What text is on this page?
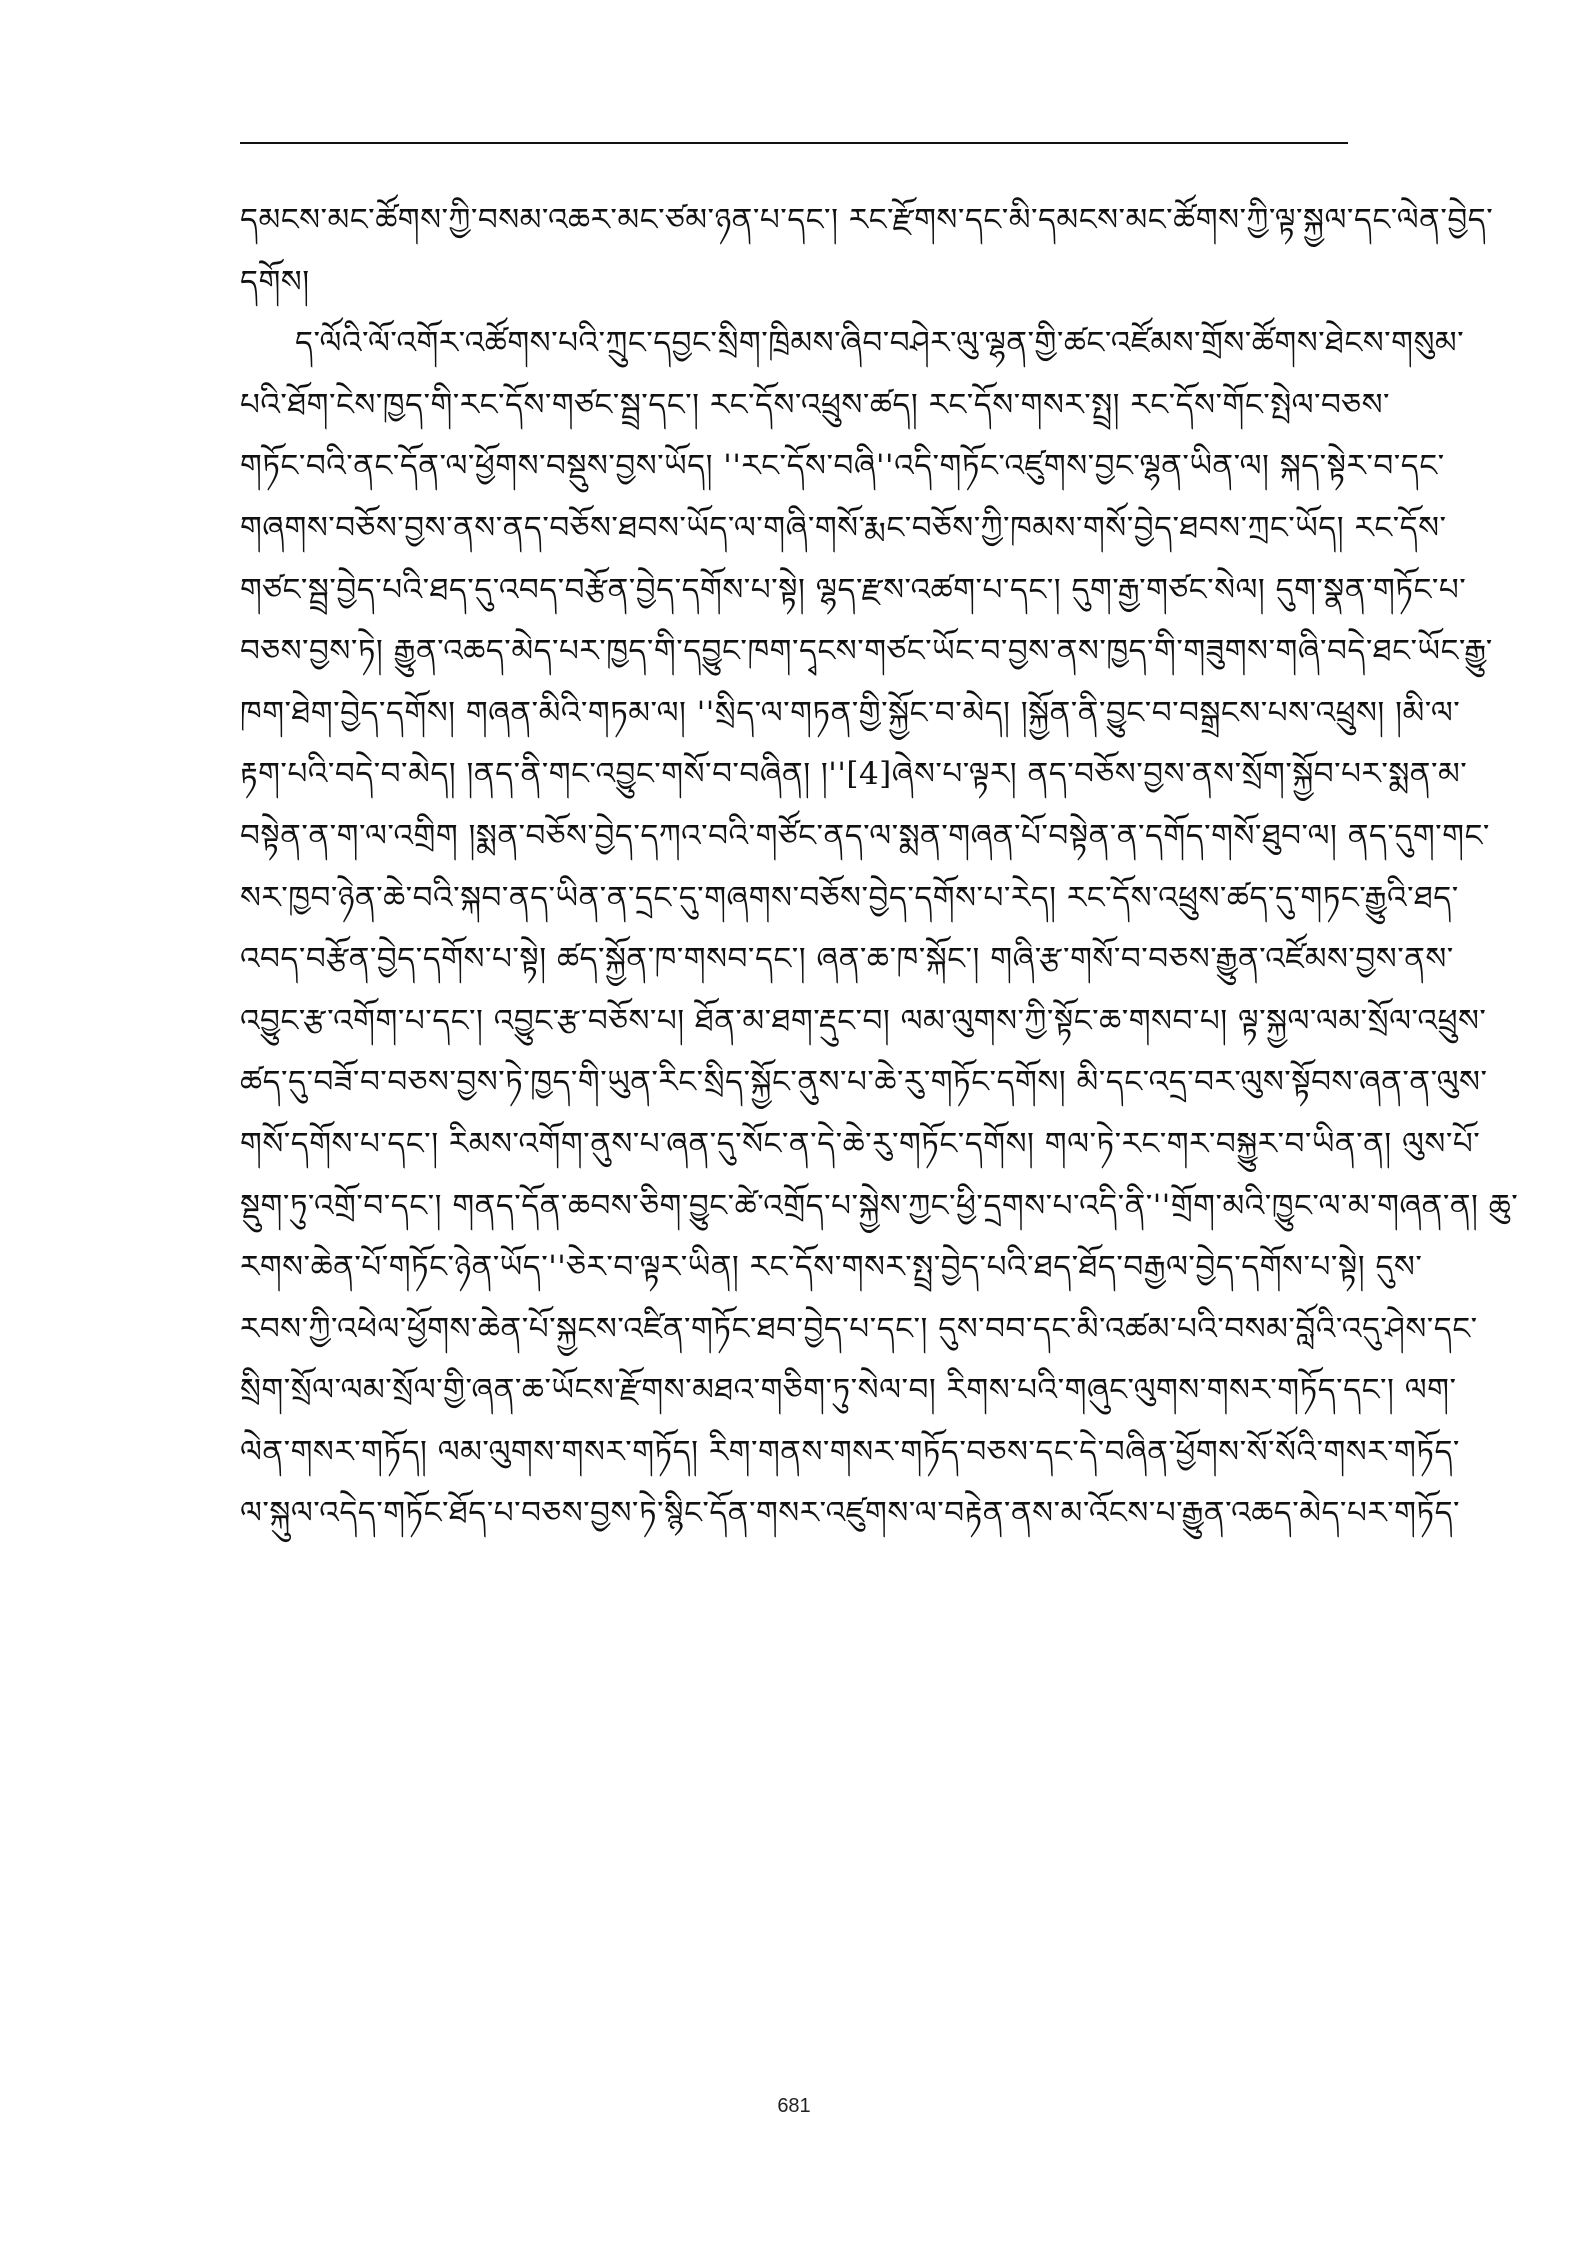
དམངས་མང་ཚོགས་ཀྱི་བསམ་འཆར་མང་ཙམ་ཉན་པ་དང་། རང་རྫོགས་དང་མི་དམངས་མང་ཚོགས་ཀྱི་ལྟ་སྐྱལ་དང་ལེན་བྱེད་
དགོས།
ད་ལོའི་ལོ་འགོར་འཚོགས་པའི་ཀྲུང་དབྱང་སྲིག་ཁྲིམས་ཞིབ་བཤེར་ལུ་ལྷན་གྱི་ཚང་འཛོམས་གྲོས་ཚོགས་ཐེངས་གསུམ་
པའི་ཐོག་ངེས་ཁྱད་གི་རང་དོས་གཙང་སྦྲ་དང་། རང་དོས་འཕྲུས་ཚད། རང་དོས་གསར་སྤྲ། རང་དོས་གོང་སྤེལ་བཅས་
གཏོང་བའི་ནང་དོན་ལ་ཕྱོགས་བསྡུས་བྱས་ཡོད། ''རང་དོས་བཞི''འདི་གཏོང་འཛུགས་བྱང་ལྷན་ཡིན་ལ། སྐད་སྟེར་བ་དང་
གཞགས་བཅོས་བྱས་ནས་ནད་བཅོས་ཐབས་ཡོད་ལ་གཞི་གསོ་རྨང་བཅོས་ཀྱི་ཁམས་གསོ་བྱེད་ཐབས་ཀྲང་ཡོད། རང་དོས་
གཙང་སྦྲ་བྱེད་པའི་ཐད་དུ་འབད་བརྩོན་བྱེད་དགོས་པ་སྟེ། ལྷད་རྫས་འཚག་པ་དང་། དུག་རྒྱ་གཙང་སེལ། དུག་སྣན་གཏོང་པ་
བཅས་བྱས་ཏེ། རྒྱུན་འཆད་མེད་པར་ཁྱད་གི་དབྱུང་ཁག་དྭངས་གཙང་ཡོང་བ་བྱས་ནས་ཁྱད་གི་གཟུགས་གཞི་བདེ་ཐང་ཡོང་རྒྱུ་
ཁག་ཐེག་བྱེད་དགོས། གཞན་མིའི་གཏམ་ལ། ''སྲིད་ལ་གཏན་གྱི་སྐྱོང་བ་མེད། །སྐྱོན་ནི་བྱུང་བ་བསྒྲངས་པས་འཕྲུས། །མི་ལ་
རྟག་པའི་བདེ་བ་མེད། །ནད་ནི་གང་འབྱུང་གསོ་བ་བཞིན། །''[4]ཞེས་པ་ལྟར། ནད་བཅོས་བྱས་ནས་སྲོག་སྐྱོབ་པར་སྨན་མ་
བསྟེན་ན་ག་ལ་འགྲིག །སྨན་བཅོས་བྱེད་དཀའ་བའི་གཙོང་ནད་ལ་སྨན་གཞན་པོ་བསྟེན་ན་དགོད་གསོ་ཐུབ་ལ། ནད་དུག་གང་
སར་ཁྱབ་ཉེན་ཆེ་བའི་སྐབ་ནད་ཡིན་ན་དྲང་དུ་གཞགས་བཅོས་བྱེད་དགོས་པ་རེད། རང་དོས་འཕྲུས་ཚད་དུ་གཏང་རྒྱུའི་ཐད་
འབད་བརྩོན་བྱེད་དགོས་པ་སྟེ། ཚད་སྐྱོན་ཁ་གསབ་དང་། ཞན་ཆ་ཁ་སྐོང་། གཞི་རྩ་གསོ་བ་བཅས་རྒྱུན་འཛོམས་བྱས་ནས་
འབྱུང་རྩ་འགོག་པ་དང་། འབྱུང་རྩ་བཅོས་པ། ཐོན་མ་ཐག་རྡུང་བ། ལམ་ལུགས་ཀྱི་སྟོང་ཆ་གསབ་པ། ལྟ་སྐྱལ་ལམ་སྲོལ་འཕྲུས་
ཚད་དུ་བཟོ་བ་བཅས་བྱས་ཏེ་ཁྱད་གི་ཡུན་རིང་སྲིད་སྐྱོང་ནུས་པ་ཆེ་རུ་གཏོང་དགོས། མི་དང་འདྲ་བར་ལུས་སྟོབས་ཞན་ན་ལུས་
གསོ་དགོས་པ་དང་། རིམས་འགོག་ནུས་པ་ཞན་དུ་སོང་ན་དེ་ཆེ་རུ་གཏོང་དགོས། གལ་ཏེ་རང་གར་བསྐྱུར་བ་ཡིན་ན། ལུས་པོ་
སྡུག་ཏུ་འགྲོ་བ་དང་། གནད་དོན་ཆབས་ཅིག་བྱུང་ཚེ་འགྲོད་པ་སྐྱེས་ཀྱང་ཕྱི་དྲགས་པ་འདི་ནི་''གྲོག་མའི་ཁྱུང་ལ་མ་གཞན་ན། ཆུ་
རགས་ཆེན་པོ་གཏོང་ཉེན་ཡོད་''ཅེར་བ་ལྟར་ཡིན། རང་དོས་གསར་སྤྲ་བྱེད་པའི་ཐད་ཐོད་བརྒྱལ་བྱེད་དགོས་པ་སྟེ། དུས་
རབས་ཀྱི་འཕེལ་ཕྱོགས་ཆེན་པོ་སྐྱངས་འཛིན་གཏོང་ཐབ་བྱེད་པ་དང་། དུས་བབ་དང་མི་འཚམ་པའི་བསམ་བློའི་འདུ་ཤེས་དང་
སྲིག་སྲོལ་ལམ་སྲོལ་གྱི་ཞན་ཆ་ཡོངས་རྫོགས་མཐའ་གཅིག་ཏུ་སེལ་བ། རིགས་པའི་གཞུང་ལུགས་གསར་གཏོད་དང་། ལག་
ལེན་གསར་གཏོད། ལམ་ལུགས་གསར་གཏོད། རིག་གནས་གསར་གཏོད་བཅས་དང་དེ་བཞིན་ཕྱོགས་སོ་སོའི་གསར་གཏོད་
ལ་སྐུལ་འདེད་གཏོང་ཐོད་པ་བཅས་བྱས་ཏེ་སྙིང་དོན་གསར་འཛུགས་ལ་བརྟེན་ནས་མ་འོངས་པ་རྒྱུན་འཆད་མེད་པར་གཏོད་
681
